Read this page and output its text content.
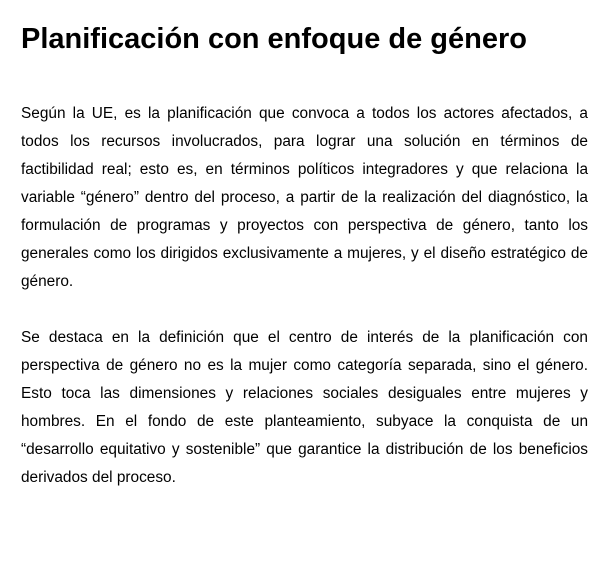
Planificación con enfoque de género

Según la UE, es la planificación que convoca a todos los actores afectados, a todos los recursos involucrados, para lograr una solución en términos de factibilidad real; esto es, en términos políticos integradores y que relaciona la variable “género” dentro del proceso, a partir de la realización del diagnóstico, la formulación de programas y proyectos con perspectiva de género, tanto los generales como los dirigidos exclusivamente a mujeres, y el diseño estratégico de género.

Se destaca en la definición que el centro de interés de la planificación con perspectiva de género no es la mujer como categoría separada, sino el género. Esto toca las dimensiones y relaciones sociales desiguales entre mujeres y hombres. En el fondo de este planteamiento, subyace la conquista de un “desarrollo equitativo y sostenible” que garantice la distribución de los beneficios derivados del proceso.
